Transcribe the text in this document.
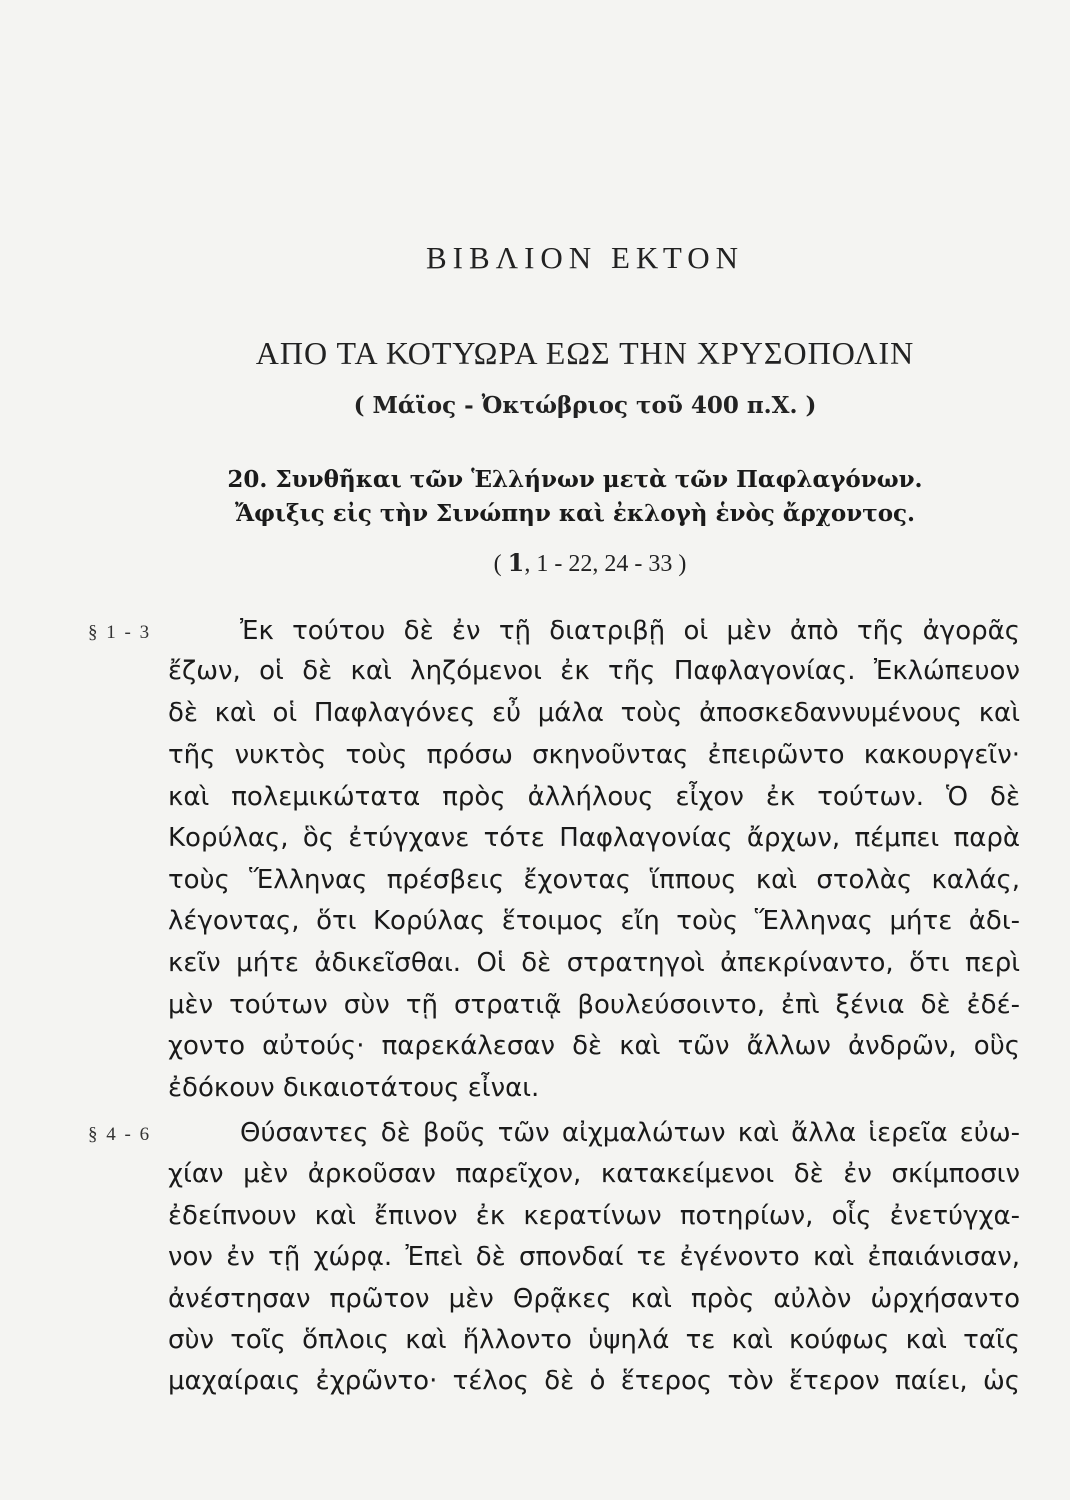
ΒΙΒΛΙΟΝ ΕΚΤΟΝ
ΑΠΟ ΤΑ ΚΟΤΥΩΡΑ ΕΩΣ ΤΗΝ ΧΡΥΣΟΠΟΛΙΝ
( Μάϊος - Ὀκτώβριος τοῦ 400 π.Χ. )
20. Συνθῆκαι τῶν Ἑλλήνων μετὰ τῶν Παφλαγόνων.
Ἄφιξις εἰς τὴν Σινώπην καὶ ἐκλογὴ ἑνὸς ἄρχοντος.
( 1, 1 - 22, 24 - 33 )
§ 1 - 3
§ 4 - 6
Ἐκ τούτου δὲ ἐν τῇ διατριβῇ οἱ μὲν ἀπὸ τῆς ἀγορᾶς
ἔζων, οἱ δὲ καὶ ληζόμενοι ἐκ τῆς Παφλαγονίας. Ἐκλώπευον
δὲ καὶ οἱ Παφλαγόνες εὖ μάλα τοὺς ἀποσκεδαννυμένους καὶ
τῆς νυκτὸς τοὺς πρόσω σκηνοῦντας ἐπειρῶντο κακουργεῖν·
καὶ πολεμικώτατα πρὸς ἀλλήλους εἶχον ἐκ τούτων. Ὁ δὲ
Κορύλας, ὃς ἐτύγχανε τότε Παφλαγονίας ἄρχων, πέμπει παρὰ
τοὺς Ἕλληνας πρέσβεις ἔχοντας ἵππους καὶ στολὰς καλάς,
λέγοντας, ὅτι Κορύλας ἕτοιμος εἴη τοὺς Ἕλληνας μήτε ἀδι-
κεῖν μήτε ἀδικεῖσθαι. Οἱ δὲ στρατηγοὶ ἀπεκρίναντο, ὅτι περὶ
μὲν τούτων σὺν τῇ στρατιᾷ βουλεύσοιντο, ἐπὶ ξένια δὲ ἐδέ-
χοντο αὐτούς· παρεκάλεσαν δὲ καὶ τῶν ἄλλων ἀνδρῶν, οὓς
ἐδόκουν δικαιοτάτους εἶναι.
Θύσαντες δὲ βοῦς τῶν αἰχμαλώτων καὶ ἄλλα ἱερεῖα εὐω-
χίαν μὲν ἀρκοῦσαν παρεῖχον, κατακείμενοι δὲ ἐν σκίμποσιν
ἐδείπνουν καὶ ἔπινον ἐκ κερατίνων ποτηρίων, οἷς ἐνετύγχα-
νον ἐν τῇ χώρᾳ. Ἐπεὶ δὲ σπονδαί τε ἐγένοντο καὶ ἐπαιάνισαν,
ἀνέστησαν πρῶτον μὲν Θρᾷκες καὶ πρὸς αὐλὸν ὠρχήσαντο
σὺν τοῖς ὅπλοις καὶ ἥλλοντο ὑψηλά τε καὶ κούφως καὶ ταῖς
μαχαίραις ἐχρῶντο· τέλος δὲ ὁ ἕτερος τὸν ἕτερον παίει, ὡς
